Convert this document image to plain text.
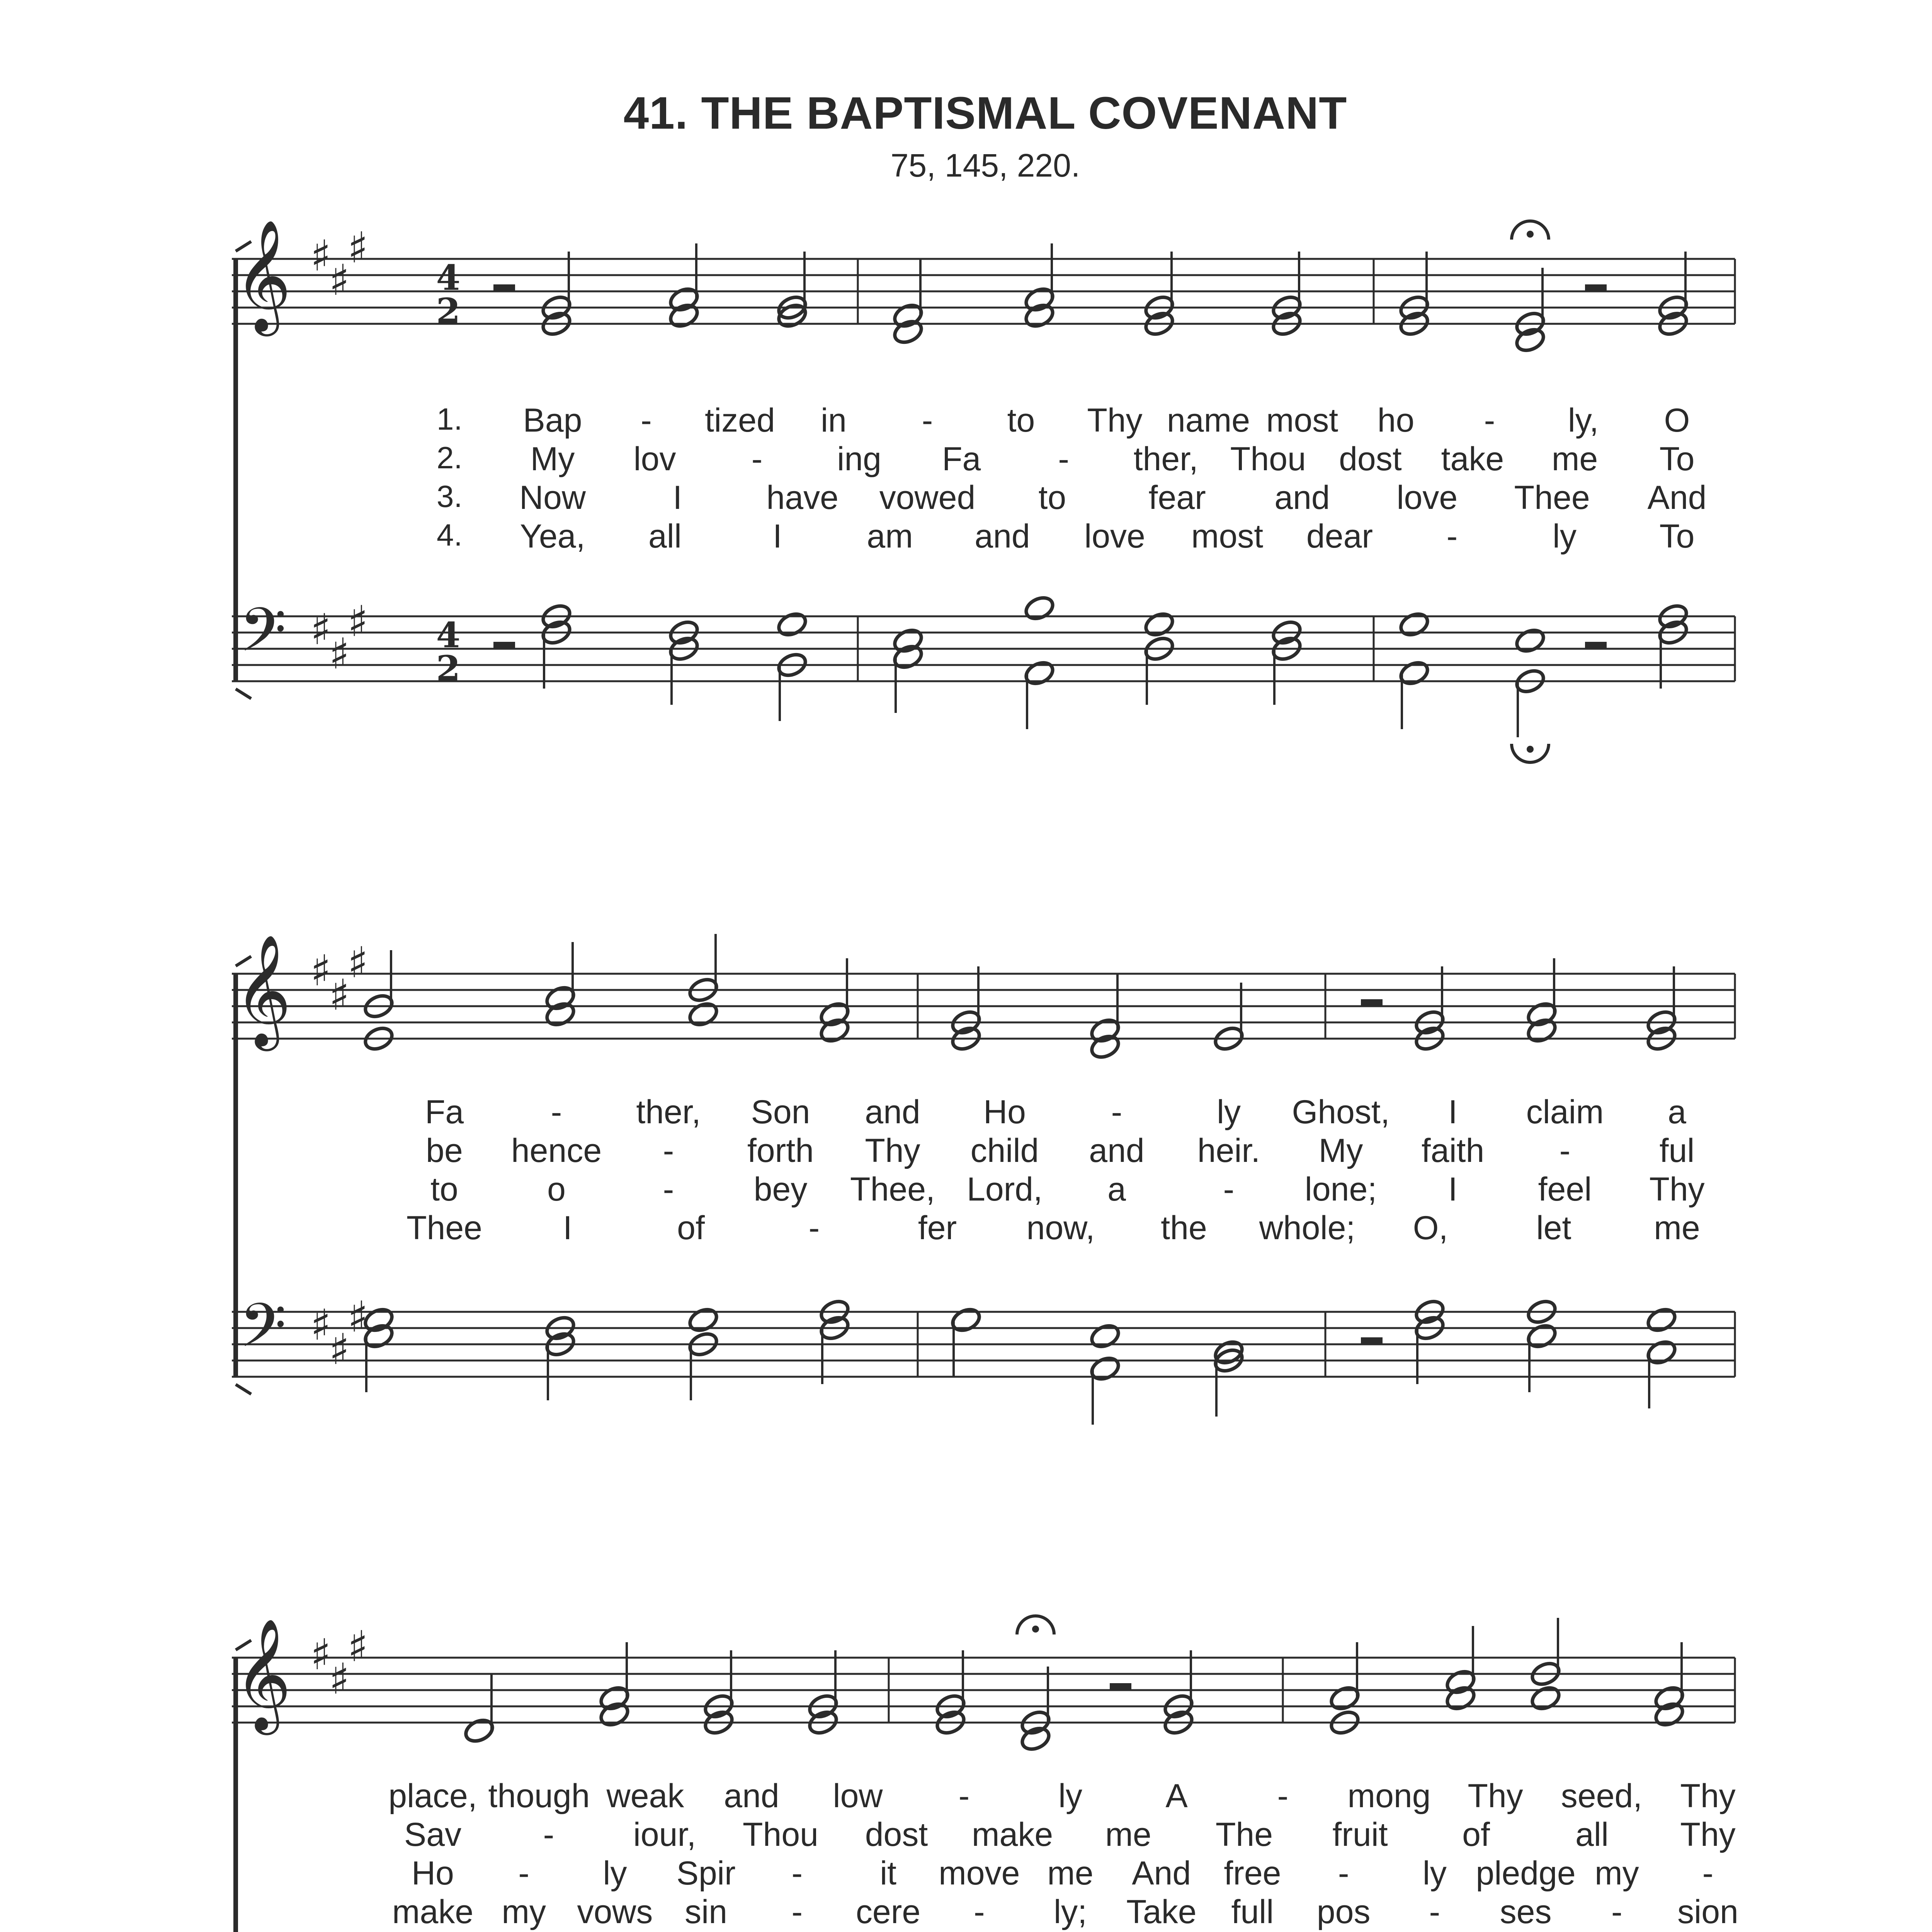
41. THE BAPTISMAL COVENANT
75, 145, 220.
𝄞
𝄢
♯
♯
♯
♯
♯
♯
4
2
4
2
𝄞
𝄢
♯
♯
♯
♯
♯
♯
𝄞 ♯
♯
♯
1.
2.
3.
4.
Bap - tized in - to Thy name most ho - ly, O
My lov - ing Fa - ther, Thou dost take me To
Now	I	have vowed to fear and love Thee And
Yea, all	I	am and love most dear -	ly To
Fa	- ther, Son and Ho	-	ly Ghost, I claim a
be hence - forth Thy child and heir. My faith -	ful
to	o	- bey Thee, Lord, a	- lone; I feel Thy
Thee I	of	-	fer now, the whole; O,	let me
place, though weak and low -	ly	A	- mong Thy seed, Thy
Sav - iour, Thou dost make me The fruit of	all Thy
Ho - ly Spir - it move me And free - ly pledge my -
make my vows sin - cere - ly; Take full pos - ses - sion
